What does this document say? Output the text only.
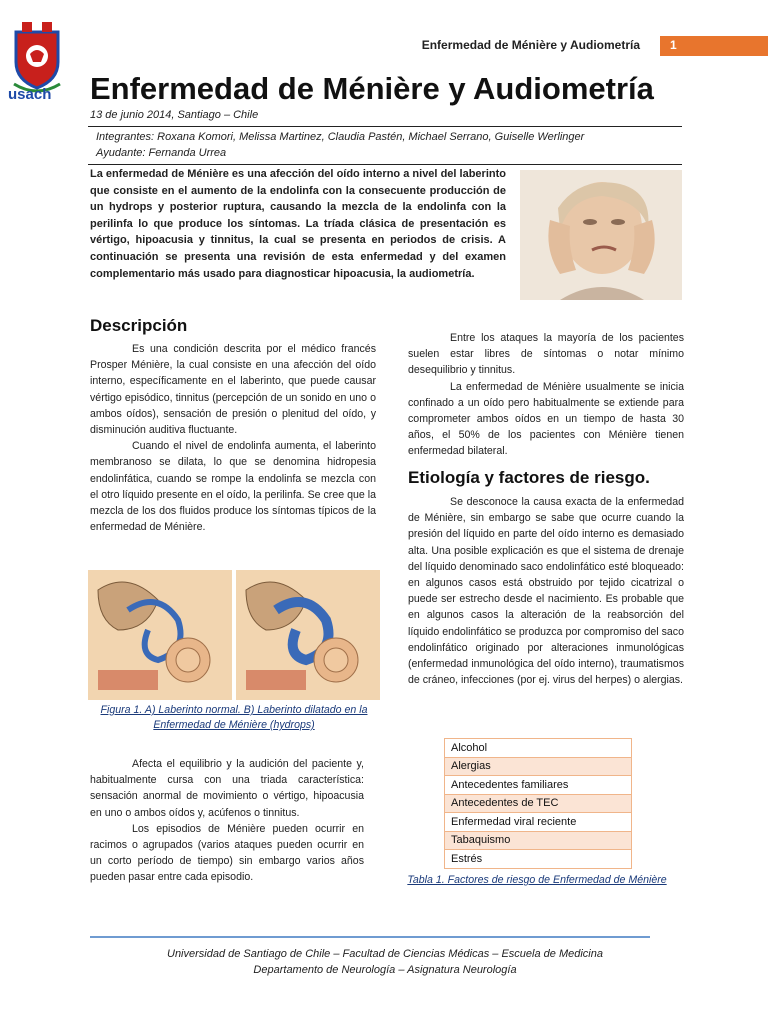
Enfermedad de Ménière y Audiometría	1
usach Enfermedad de Ménière y Audiometría
13 de junio 2014, Santiago – Chile
Integrantes: Roxana Komori, Melissa Martinez, Claudia Pastén, Michael Serrano, Guiselle Werlinger
Ayudante: Fernanda Urrea
La enfermedad de Ménière es una afección del oído interno a nivel del laberinto que consiste en el aumento de la endolinfa con la consecuente producción de un hydrops y posterior ruptura, causando la mezcla de la endolinfa con la perilinfa lo que produce los síntomas. La tríada clásica de presentación es vértigo, hipoacusia y tinnitus, la cual se presenta en periodos de crisis. A continuación se presenta una revisión de esta enfermedad y del examen complementario más usado para diagnosticar hipoacusia, la audiometría.
Descripción

Es una condición descrita por el médico francés Prosper Ménière, la cual consiste en una afección del oído interno, específicamente en el laberinto, que puede causar vértigo episódico, tinnitus (percepción de un sonido en uno o ambos oídos), sensación de presión o plenitud del oído, y disminución auditiva fluctuante.

Cuando el nivel de endolinfa aumenta, el laberinto membranoso se dilata, lo que se denomina hidropesia endolinfática, cuando se rompe la endolinfa se mezcla con el otro líquido presente en el oído, la perilinfa. Se cree que la mezcla de los dos fluidos produce los síntomas típicos de la enfermedad de Ménière.

Figura 1. A) Laberinto normal. B) Laberinto dilatado en la Enfermedad de Ménière (hydrops)

Afecta el equilibrio y la audición del paciente y, habitualmente cursa con una triada característica: sensación anormal de movimiento o vértigo, hipoacusia en uno o ambos oídos y, acúfenos o tinnitus.

Los episodios de Ménière pueden ocurrir en racimos o agrupados (varios ataques pueden ocurrir en un corto período de tiempo) sin embargo varios años pueden pasar entre cada episodio.

Entre los ataques la mayoría de los pacientes suelen estar libres de síntomas o notar mínimo desequilibrio y tinnitus.

La enfermedad de Ménière usualmente se inicia confinado a un oído pero habitualmente se extiende para comprometer ambos oídos en un tiempo de hasta 30 años, el 50% de los pacientes con Ménière tienen enfermedad bilateral.

Etiología y factores de riesgo.

Se desconoce la causa exacta de la enfermedad de Ménière, sin embargo se sabe que ocurre cuando la presión del líquido en parte del oído interno es demasiado alta. Una posible explicación es que el sistema de drenaje del líquido denominado saco endolinfático esté bloqueado: en algunos casos está obstruido por tejido cicatrizal o puede ser estrecho desde el nacimiento. Es probable que en algunos casos la alteración de la reabsorción del líquido endolinfático se produzca por compromiso del saco endolinfático originado por alteraciones inmunológicas (enfermedad inmunológica del oído interno), traumatismos de cráneo, infecciones (por ej. virus del herpes) o alergias.

Alcohol
Alergias
Antecedentes familiares
Antecedentes de TEC
Enfermedad viral reciente
Tabaquismo
Estrés
Tabla 1. Factores de riesgo de Enfermedad de Ménière
Universidad de Santiago de Chile – Facultad de Ciencias Médicas – Escuela de Medicina
Departamento de Neurología – Asignatura Neurología
